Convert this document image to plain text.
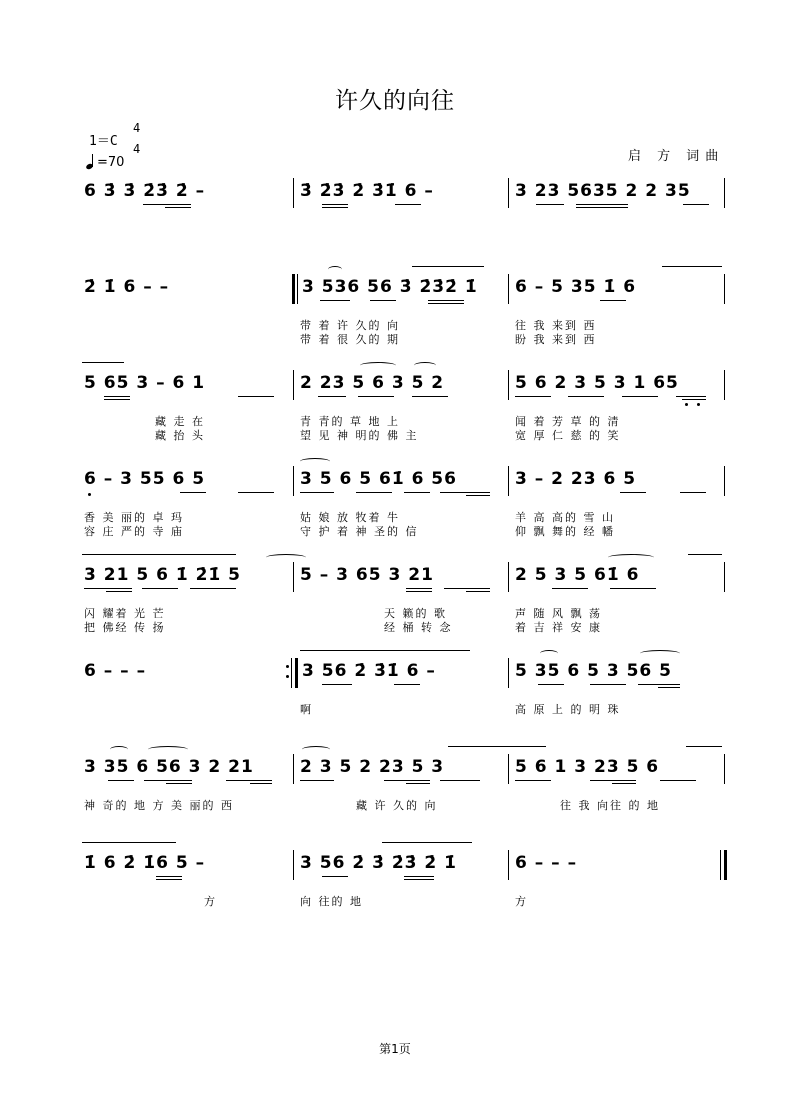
许久的向往
1＝C
4
4
=70	启 方 词曲
6 3̇ 3̇ 2̇3̇ 2̇ –	3̇ 2̇3̇ 2̇ 3̇1̇ 6 –	3 23 5635 2 2 35
2̇ 1̇ 6 – –	3 536 56 3̇ 2̇3̇2̇ 1̇ 6 – 5 35 1̇ 6
带 着 许 久的 向	往 我 来到 西
带 着 很 久的 期	盼 我 来到 西
5 65 3 – 6 1	2 23 5 6 3 5 2	5 6 2 3 5 3 1 65
藏 走 在	青 青的 草 地 上	闻 着 芳 草 的 清
藏 抬 头	望 见 神 明的 佛 主	宽 厚 仁 慈 的 笑
6 – 3 55 6 5	3 5 6 5 61̇ 6 56	3 – 2 23 6 5
香 美 丽的 卓 玛	姑 娘 放 牧着 牛	羊 高 高的 雪 山
容 庄 严的 寺 庙	守 护 着 神 圣的 信	仰 飘 舞的 经 幡
3 21 5 6 1̇ 2̇1̇ 5	5 – 3 65 3 21	2 5 3 5 61̇ 6
闪 耀着 光 芒	天 籁的 歌	声 随 风 飘 荡
把 佛经 传 扬	经 桶 转 念	着 吉 祥 安 康
6 – – –	3 56 2̇ 3̇1̇ 6 –	5 35 6 5 3 56 5
啊	高 原 上 的 明 珠
3 35 6 56 3 2 21	2 3 5 2 23 5 3	5 6 1 3 23 5 6
神 奇的 地 方 美 丽的 西	藏 许 久的 向	往 我 向往 的 地
1̇ 6 2̇ 1̇6 5 –	3 56 2̇ 3̇ 2̇3̇ 2̇ 1̇	6 – – –
方	向 往的 地	方
第1页
